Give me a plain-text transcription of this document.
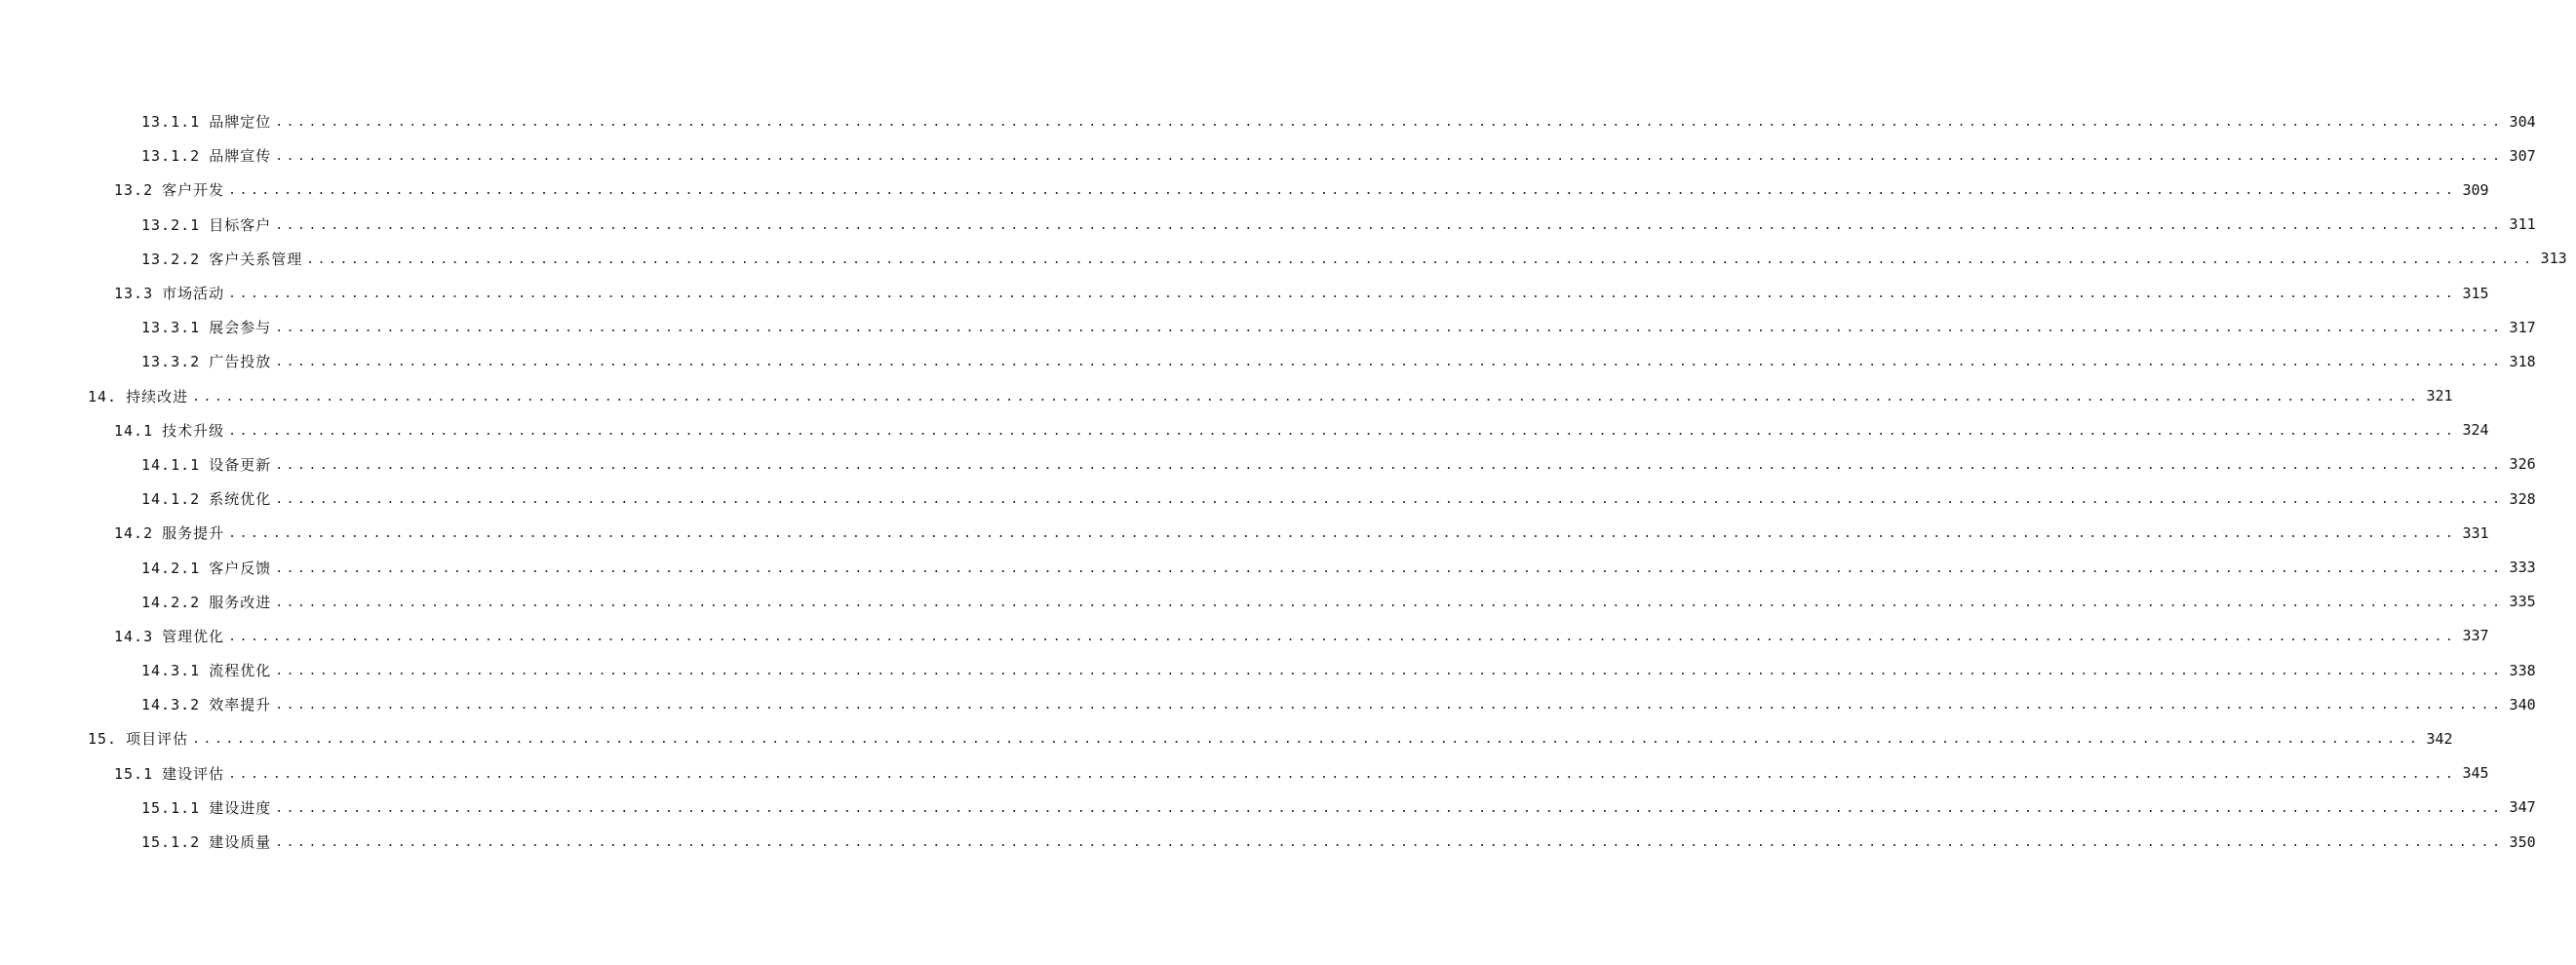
13.1.1 品牌定位 ........................................................................................................................................................................................................ 304
13.1.2 品牌宣传 ........................................................................................................................................................................................................ 307
13.2 客户开发 ........................................................................................................................................................................................................ 309
13.2.1 目标客户 ........................................................................................................................................................................................................ 311
13.2.2 客户关系管理 ........................................................................................................................................................................................................ 313
13.3 市场活动 ........................................................................................................................................................................................................ 315
13.3.1 展会参与 ........................................................................................................................................................................................................ 317
13.3.2 广告投放 ........................................................................................................................................................................................................ 318
14. 持续改进 ........................................................................................................................................................................................................ 321
14.1 技术升级 ........................................................................................................................................................................................................ 324
14.1.1 设备更新 ........................................................................................................................................................................................................ 326
14.1.2 系统优化 ........................................................................................................................................................................................................ 328
14.2 服务提升 ........................................................................................................................................................................................................ 331
14.2.1 客户反馈 ........................................................................................................................................................................................................ 333
14.2.2 服务改进 ........................................................................................................................................................................................................ 335
14.3 管理优化 ........................................................................................................................................................................................................ 337
14.3.1 流程优化 ........................................................................................................................................................................................................ 338
14.3.2 效率提升 ........................................................................................................................................................................................................ 340
15. 项目评估 ........................................................................................................................................................................................................ 342
15.1 建设评估 ........................................................................................................................................................................................................ 345
15.1.1 建设进度 ........................................................................................................................................................................................................ 347
15.1.2 建设质量 ........................................................................................................................................................................................................ 350
